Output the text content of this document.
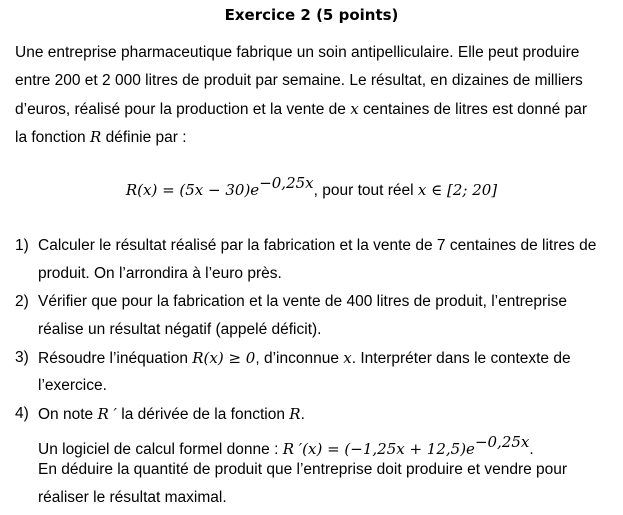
Exercice 2 (5 points)
Une entreprise pharmaceutique fabrique un soin antipelliculaire. Elle peut produire
entre 200 et 2 000 litres de produit par semaine. Le résultat, en dizaines de milliers
d’euros, réalisé pour la production et la vente de x centaines de litres est donné par
la fonction R définie par :
$R(x) = (5x - 30)e^{-0,25x}$, pour tout réel x ∈ [2; 20]
1) Calculer le résultat réalisé par la fabrication et la vente de 7 centaines de litres de
produit. On l’arrondira à l’euro près.
2) Vérifier que pour la fabrication et la vente de 400 litres de produit, l’entreprise
réalise un résultat négatif (appelé déficit).
3) Résoudre l’inéquation R(x) ≥ 0, d’inconnue x. Interpréter dans le contexte de
l’exercice.
4) On note R ′ la dérivée de la fonction R.
Un logiciel de calcul formel donne : R $'(x) = (-1,25x + 12,5)e^{-0,25x}$.
En déduire la quantité de produit que l’entreprise doit produire et vendre pour
réaliser le résultat maximal.
